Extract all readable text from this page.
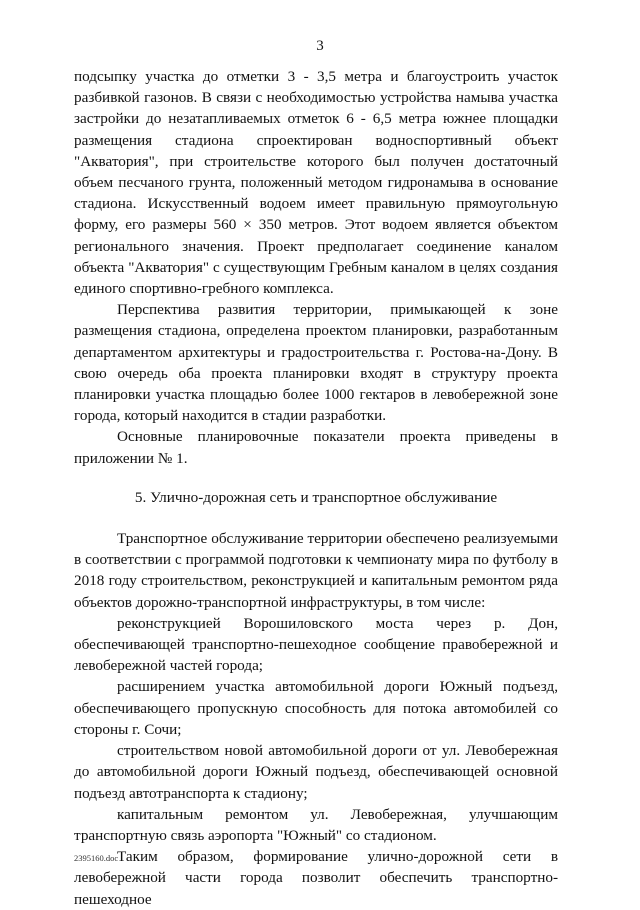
3

подсыпку участка до отметки 3 - 3,5 метра и благоустроить участок разбивкой газонов. В связи с необходимостью устройства намыва участка застройки до незатапливаемых отметок 6 - 6,5 метра южнее площадки размещения стадиона спроектирован водноспортивный объект "Акватория", при строительстве которого был получен достаточный объем песчаного грунта, положенный методом гидронамыва в основание стадиона. Искусственный водоем имеет правильную прямоугольную форму, его размеры 560 × 350 метров. Этот водоем является объектом регионального значения. Проект предполагает соединение каналом объекта "Акватория" с существующим Гребным каналом в целях создания единого спортивно-гребного комплекса.

Перспектива развития территории, примыкающей к зоне размещения стадиона, определена проектом планировки, разработанным департаментом архитектуры и градостроительства г. Ростова-на-Дону. В свою очередь оба проекта планировки входят в структуру проекта планировки участка площадью более 1000 гектаров в левобережной зоне города, который находится в стадии разработки.

Основные планировочные показатели проекта приведены в приложении № 1.

5. Улично-дорожная сеть и транспортное обслуживание

Транспортное обслуживание территории обеспечено реализуемыми в соответствии с программой подготовки к чемпионату мира по футболу в 2018 году строительством, реконструкцией и капитальным ремонтом ряда объектов дорожно-транспортной инфраструктуры, в том числе:

реконструкцией Ворошиловского моста через р. Дон, обеспечивающей транспортно-пешеходное сообщение правобережной и левобережной частей города;

расширением участка автомобильной дороги Южный подъезд, обеспечивающего пропускную способность для потока автомобилей со стороны г. Сочи;

строительством новой автомобильной дороги от ул. Левобережная до автомобильной дороги Южный подъезд, обеспечивающей основной подъезд автотранспорта к стадиону;

капитальным ремонтом ул. Левобережная, улучшающим транспортную связь аэропорта "Южный" со стадионом.

Таким образом, формирование улично-дорожной сети в левобережной части города позволит обеспечить транспортно-пешеходное

2395160.doc
